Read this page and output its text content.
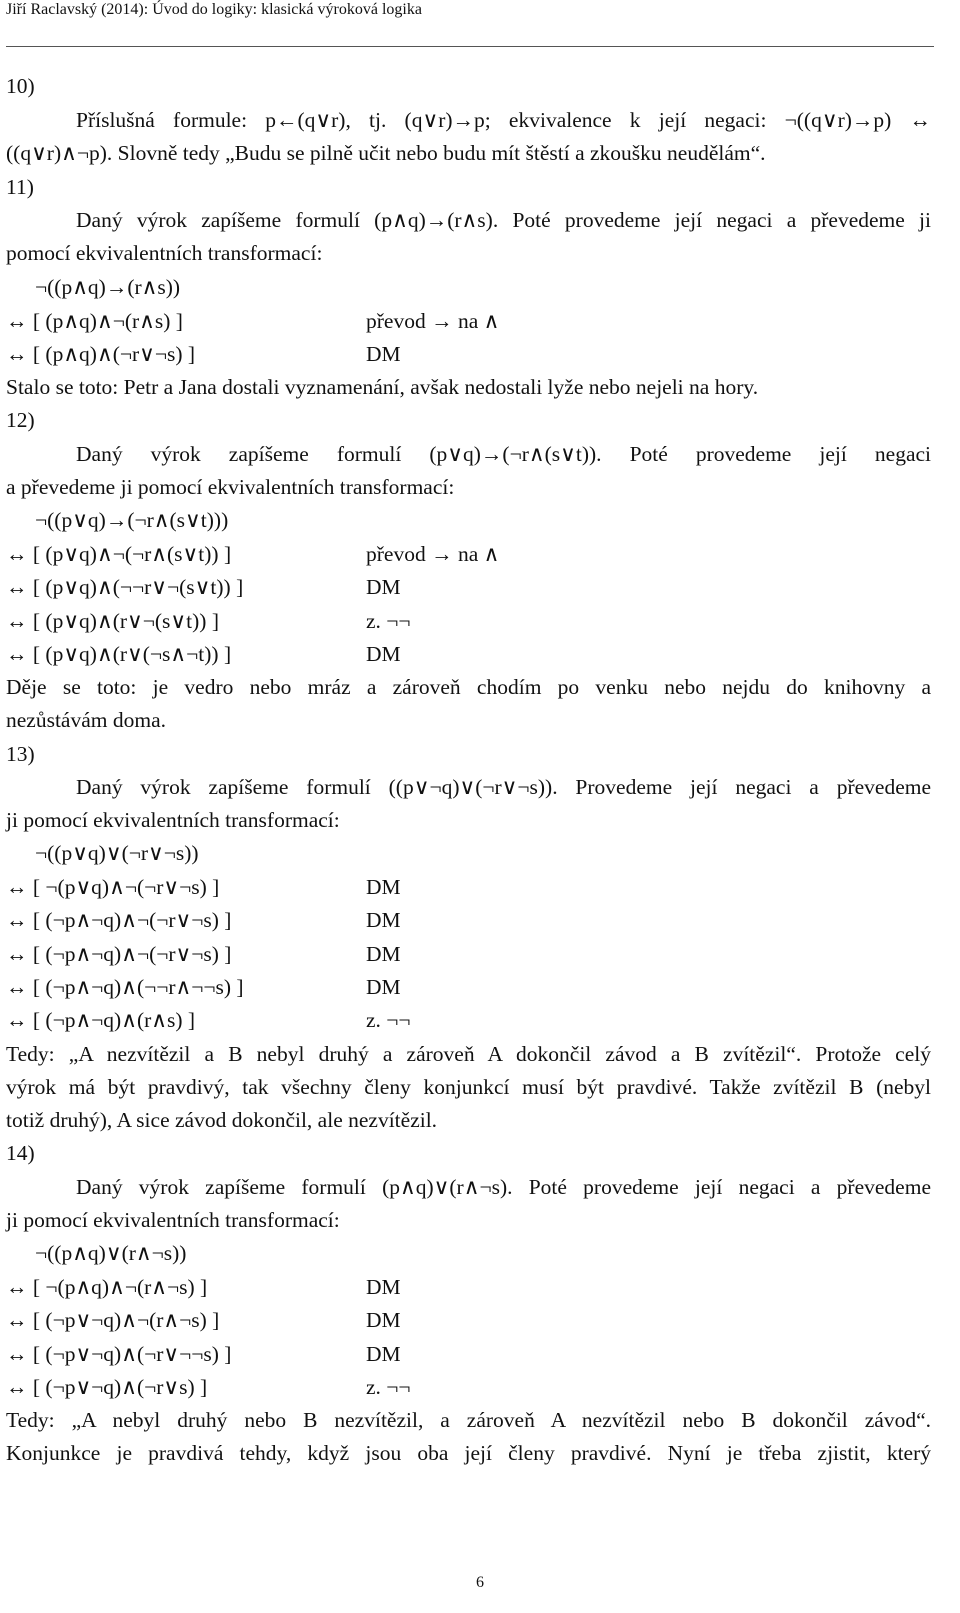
Jiří Raclavský (2014): Úvod do logiky: klasická výroková logika
10)
Příslušná formule: p←(q∨r), tj. (q∨r)→p; ekvivalence k její negaci: ¬((q∨r)→p) ↔
((q∨r)∧¬p). Slovně tedy „Budu se pilně učit nebo budu mít štěstí a zkoušku neudělám“.
11)
Daný výrok zapíšeme formulí (p∧q)→(r∧s). Poté provedeme její negaci a převedeme ji
pomocí ekvivalentních transformací:
¬((p∧q)→(r∧s))
↔ [ (p∧q)∧¬(r∧s) ]	převod → na ∧
↔ [ (p∧q)∧(¬r∨¬s) ]	DM
Stalo se toto: Petr a Jana dostali vyznamenání, avšak nedostali lyže nebo nejeli na hory.
12)
Daný výrok zapíšeme formulí (p∨q)→(¬r∧(s∨t)). Poté provedeme její negaci
a převedeme ji pomocí ekvivalentních transformací:
¬((p∨q)→(¬r∧(s∨t)))
↔ [ (p∨q)∧¬(¬r∧(s∨t)) ]	převod → na ∧
↔ [ (p∨q)∧(¬¬r∨¬(s∨t)) ]	DM
↔ [ (p∨q)∧(r∨¬(s∨t)) ]	z. ¬¬
↔ [ (p∨q)∧(r∨(¬s∧¬t)) ]	DM
Děje se toto: je vedro nebo mráz a zároveň chodím po venku nebo nejdu do knihovny a
nezůstávám doma.
13)
Daný výrok zapíšeme formulí ((p∨¬q)∨(¬r∨¬s)). Provedeme její negaci a převedeme
ji pomocí ekvivalentních transformací:
¬((p∨q)∨(¬r∨¬s))
↔ [ ¬(p∨q)∧¬(¬r∨¬s) ]	DM
↔ [ (¬p∧¬q)∧¬(¬r∨¬s) ]	DM
↔ [ (¬p∧¬q)∧¬(¬r∨¬s) ]	DM
↔ [ (¬p∧¬q)∧(¬¬r∧¬¬s) ]	DM
↔ [ (¬p∧¬q)∧(r∧s) ]	z. ¬¬
Tedy: „A nezvítězil a B nebyl druhý a zároveň A dokončil závod a B zvítězil“. Protože celý
výrok má být pravdivý, tak všechny členy konjunkcí musí být pravdivé. Takže zvítězil B (nebyl
totiž druhý), A sice závod dokončil, ale nezvítězil.
14)
Daný výrok zapíšeme formulí (p∧q)∨(r∧¬s). Poté provedeme její negaci a převedeme
ji pomocí ekvivalentních transformací:
¬((p∧q)∨(r∧¬s))
↔ [ ¬(p∧q)∧¬(r∧¬s) ]	DM
↔ [ (¬p∨¬q)∧¬(r∧¬s) ]	DM
↔ [ (¬p∨¬q)∧(¬r∨¬¬s) ]	DM
↔ [ (¬p∨¬q)∧(¬r∨s) ]	z. ¬¬
Tedy: „A nebyl druhý nebo B nezvítězil, a zároveň A nezvítězil nebo B dokončil závod“.
Konjunkce je pravdivá tehdy, když jsou oba její členy pravdivé. Nyní je třeba zjistit, který
6
